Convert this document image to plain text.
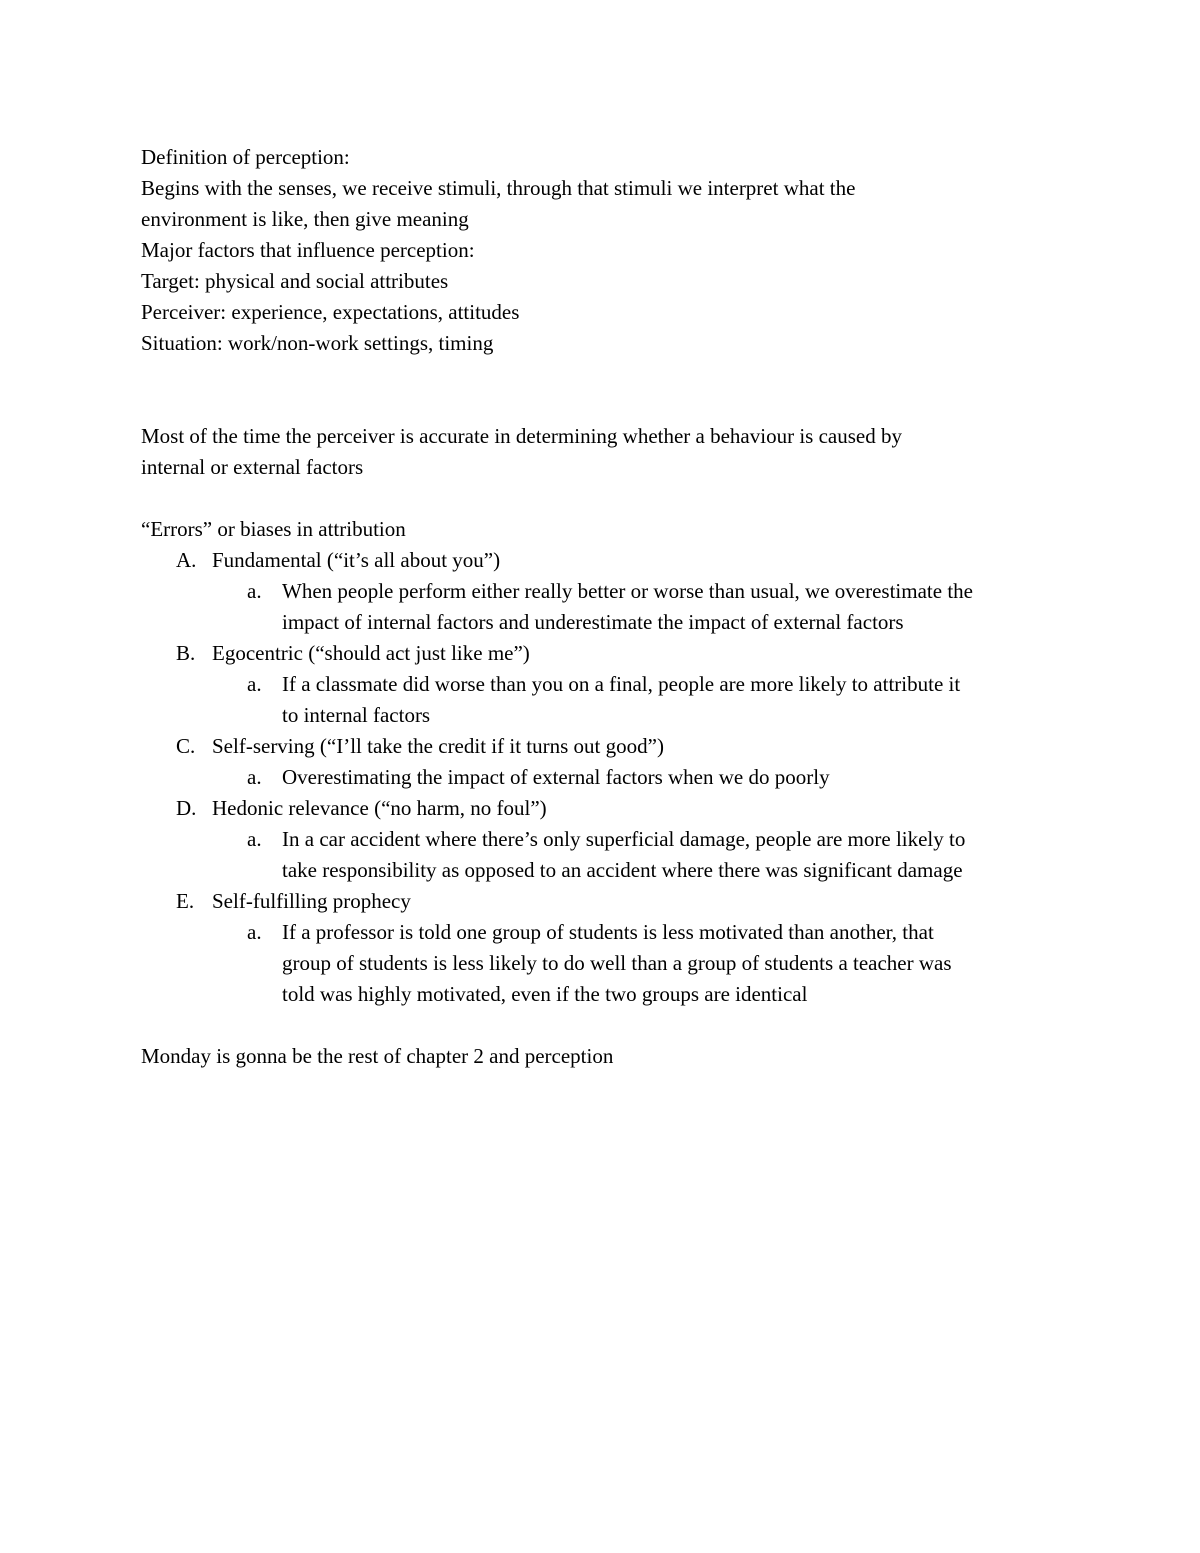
Definition of perception:
Begins with the senses, we receive stimuli, through that stimuli we interpret what the
environment is like, then give meaning
Major factors that influence perception:
Target: physical and social attributes
Perceiver: experience, expectations, attitudes
Situation: work/non-work settings, timing
Most of the time the perceiver is accurate in determining whether a behaviour is caused by
internal or external factors
“Errors” or biases in attribution
A. Fundamental (“it’s all about you”)
a. When people perform either really better or worse than usual, we overestimate the
impact of internal factors and underestimate the impact of external factors
B. Egocentric (“should act just like me”)
a. If a classmate did worse than you on a final, people are more likely to attribute it
to internal factors
C. Self-serving (“I’ll take the credit if it turns out good”)
a. Overestimating the impact of external factors when we do poorly
D. Hedonic relevance (“no harm, no foul”)
a. In a car accident where there’s only superficial damage, people are more likely to
take responsibility as opposed to an accident where there was significant damage
E. Self-fulfilling prophecy
a. If a professor is told one group of students is less motivated than another, that
group of students is less likely to do well than a group of students a teacher was
told was highly motivated, even if the two groups are identical
Monday is gonna be the rest of chapter 2 and perception
